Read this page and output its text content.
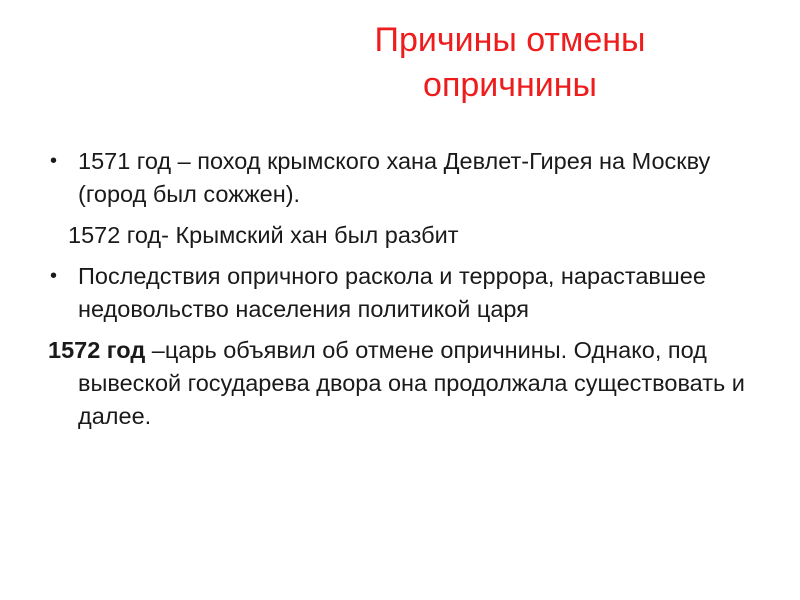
Причины отмены
опричнины
• 1571 год – поход крымского хана Девлет-Гирея на Москву (город был сожжен).
1572 год- Крымский хан был разбит
• Последствия опричного раскола и террора, нараставшее недовольство населения политикой царя
1572 год –царь объявил об отмене опричнины. Однако, под вывеской государева двора она продолжала существовать и далее.
